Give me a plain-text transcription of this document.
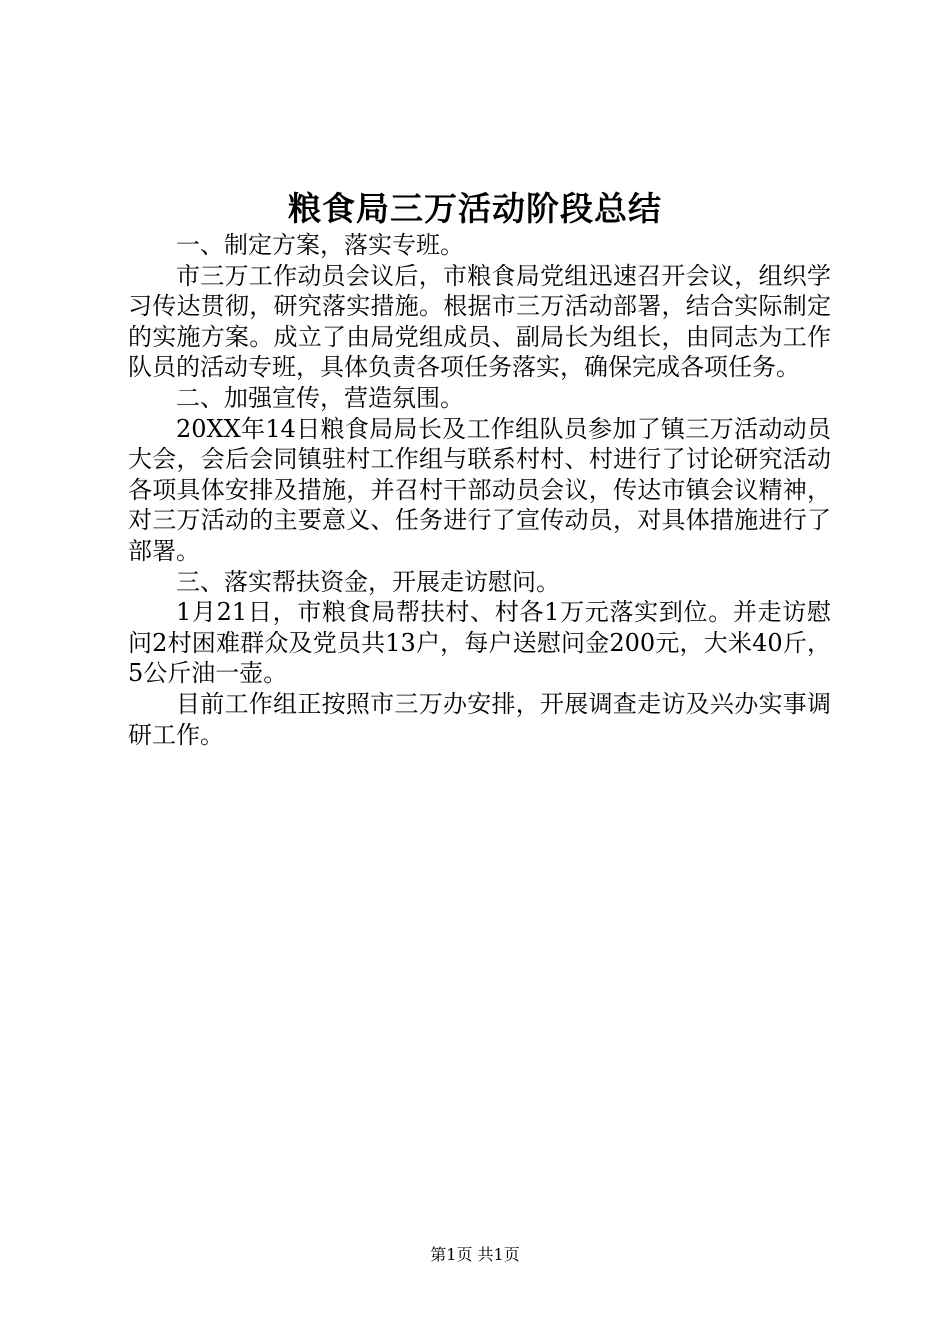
粮食局三万活动阶段总结

一、制定方案，落实专班。

市三万工作动员会议后，市粮食局党组迅速召开会议，组织学习传达贯彻，研究落实措施。根据市三万活动部署，结合实际制定的实施方案。成立了由局党组成员、副局长为组长，由同志为工作队员的活动专班，具体负责各项任务落实，确保完成各项任务。

二、加强宣传，营造氛围。

20XX年14日粮食局局长及工作组队员参加了镇三万活动动员大会，会后会同镇驻村工作组与联系村村、村进行了讨论研究活动各项具体安排及措施，并召村干部动员会议，传达市镇会议精神，对三万活动的主要意义、任务进行了宣传动员，对具体措施进行了部署。

三、落实帮扶资金，开展走访慰问。

1月21日，市粮食局帮扶村、村各1万元落实到位。并走访慰问2村困难群众及党员共13户，每户送慰问金200元，大米40斤，5公斤油一壶。

目前工作组正按照市三万办安排，开展调查走访及兴办实事调研工作。

第1页 共1页
